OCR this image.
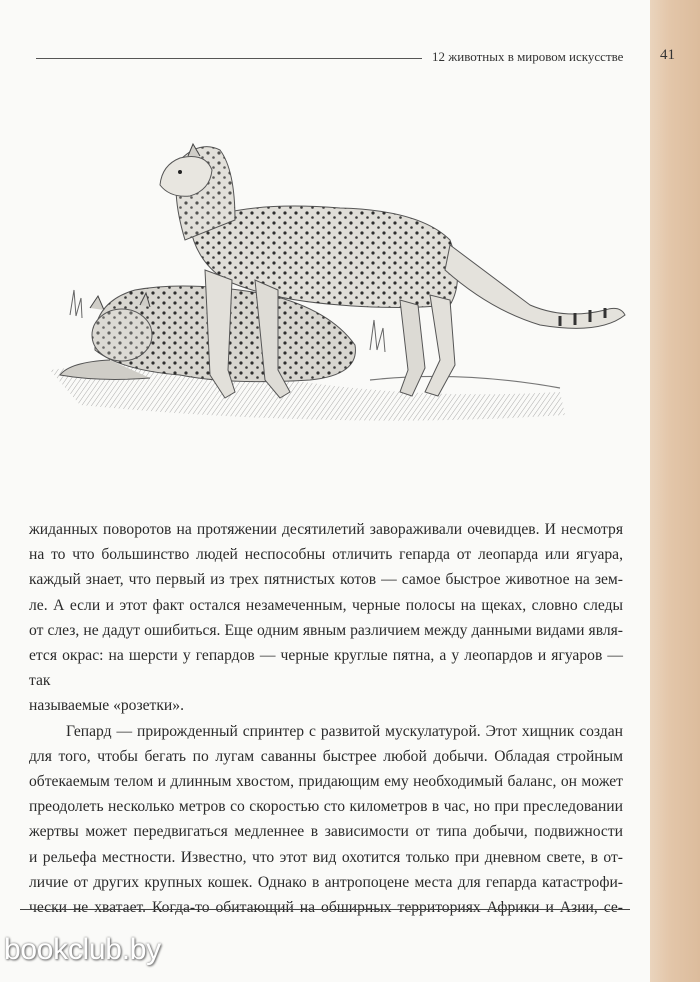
12 животных в мировом искусстве

жиданных поворотов на протяжении десятилетий завораживали очевидцев. И несмотря

на то что большинство людей неспособны отличить гепарда от леопарда или ягуара,

каждый знает, что первый из трех пятнистых котов — самое быстрое животное на зем-

ле. А если и этот факт остался незамеченным, черные полосы на щеках, словно следы

от слез, не дадут ошибиться. Еще одним явным различием между данными видами явля-

ется окрас: на шерсти у гепардов — черные круглые пятна, а у леопардов и ягуаров — так

называемые «розетки».

Гепард — прирожденный спринтер с развитой мускулатурой. Этот хищник создан

для того, чтобы бегать по лугам саванны быстрее любой добычи. Обладая стройным

обтекаемым телом и длинным хвостом, придающим ему необходимый баланс, он может

преодолеть несколько метров со скоростью сто километров в час, но при преследовании

жертвы может передвигаться медленнее в зависимости от типа добычи, подвижности

и рельефа местности. Известно, что этот вид охотится только при дневном свете, в от-

личие от других крупных кошек. Однако в антропоцене места для гепарда катастрофи-

чески не хватает. Когда-то обитающий на обширных территориях Африки и Азии, се-

41
bookclub.by
